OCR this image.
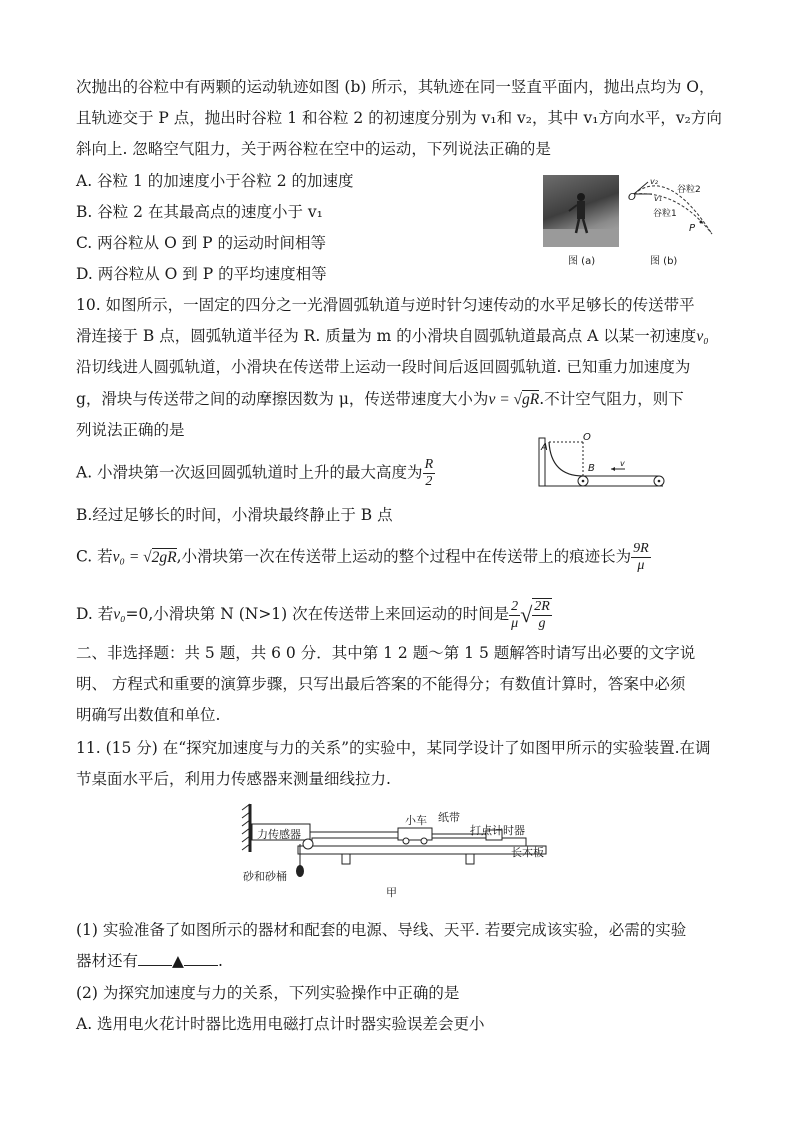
次抛出的谷粒中有两颗的运动轨迹如图 (b) 所示，其轨迹在同一竖直平面内，抛出点均为 O，
且轨迹交于 P 点，抛出时谷粒 1 和谷粒 2 的初速度分别为 v₁和 v₂，其中 v₁方向水平，v₂方向
斜向上. 忽略空气阻力，关于两谷粒在空中的运动，下列说法正确的是
A. 谷粒 1 的加速度小于谷粒 2 的加速度
B. 谷粒 2 在其最高点的速度小于 v₁
C. 两谷粒从 O 到 P 的运动时间相等
D. 两谷粒从 O 到 P 的平均速度相等
图 (a)
O
v₂
v₁
谷粒2
谷粒1
P
图 (b)
10. 如图所示，一固定的四分之一光滑圆弧轨道与逆时针匀速传动的水平足够长的传送带平
滑连接于 B 点，圆弧轨道半径为 R. 质量为 m 的小滑块自圆弧轨道最高点 A 以某一初速度v₀
沿切线进人圆弧轨道，小滑块在传送带上运动一段时间后返回圆弧轨道. 已知重力加速度为
g，滑块与传送带之间的动摩擦因数为 μ，传送带速度大小为v = √gR.不计空气阻力，则下
列说法正确的是	O
A
B	v
A. 小滑块第一次返回圆弧轨道时上升的最大高度为 $\frac{R}{2}$
B.经过足够长的时间，小滑块最终静止于 B 点
C. 若v₀ = √2gR,小滑块第一次在传送带上运动的整个过程中在传送带上的痕迹长为 $\frac{9R}{\mu}$
D. 若v₀=0,小滑块第 N (N>1) 次在传送带上来回运动的时间是 $\frac{2}{\mu}$ √ $\frac{2R}{g}$
二、非选择题：共 5 题，共 6 0 分．其中第 1 2 题～第 1 5 题解答时请写出必要的文字说
明、 方程式和重要的演算步骤，只写出最后答案的不能得分；有数值计算时，答案中必须
明确写出数值和单位.
11. (15 分) 在“探究加速度与力的关系”的实验中，某同学设计了如图甲所示的实验装置.在调
节桌面水平后，利用力传感器来测量细线拉力.
力传感器
小车 纸带
打点计时器
长木板
砂和砂桶
甲
(1) 实验准备了如图所示的器材和配套的电源、导线、天平. 若要完成该实验，必需的实验
器材还有 ▲ .
(2) 为探究加速度与力的关系，下列实验操作中正确的是
A. 选用电火花计时器比选用电磁打点计时器实验误差会更小
